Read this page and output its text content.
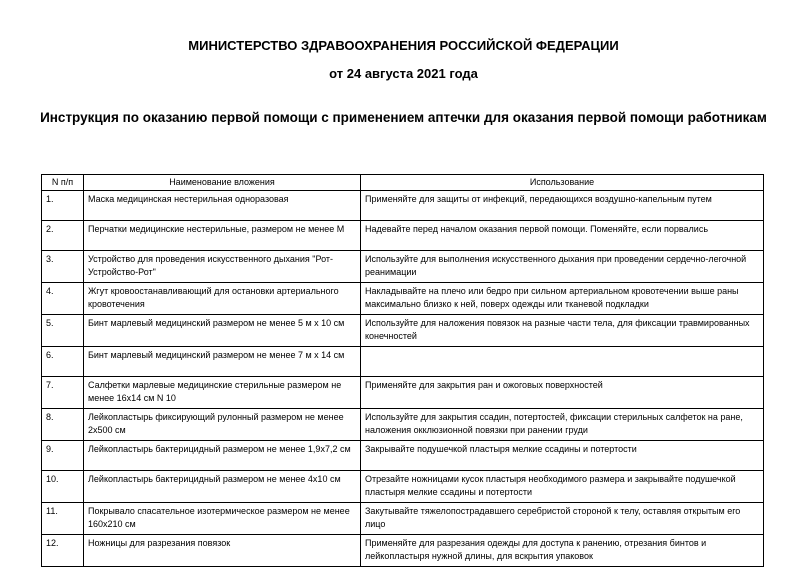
МИНИСТЕРСТВО ЗДРАВООХРАНЕНИЯ РОССИЙСКОЙ ФЕДЕРАЦИИ
от 24 августа 2021 года
Инструкция по оказанию первой помощи с применением аптечки для оказания первой помощи работникам
N п/п	Наименование вложения	Использование
1.	Маска медицинская нестерильная одноразовая	Применяйте для защиты от инфекций, передающихся воздушно-капельным путем
2.	Перчатки медицинские нестерильные, размером не менее М	Надевайте перед началом оказания первой помощи. Поменяйте, если порвались
3.	Устройство для проведения искусственного дыхания "Рот-Устройство-Рот"	Используйте для выполнения искусственного дыхания при проведении сердечно-легочной реанимации
4.	Жгут кровоостанавливающий для остановки артериального кровотечения	Накладывайте на плечо или бедро при сильном артериальном кровотечении выше раны максимально близко к ней, поверх одежды или тканевой подкладки
5.	Бинт марлевый медицинский размером не менее 5 м x 10 см	Используйте для наложения повязок на разные части тела, для фиксации травмированных конечностей
6.	Бинт марлевый медицинский размером не менее 7 м x 14 см	
7.	Салфетки марлевые медицинские стерильные размером не менее 16x14 см N 10	Применяйте для закрытия ран и ожоговых поверхностей
8.	Лейкопластырь фиксирующий рулонный размером не менее 2x500 см	Используйте для закрытия ссадин, потертостей, фиксации стерильных салфеток на ране, наложения окклюзионной повязки при ранении груди
9.	Лейкопластырь бактерицидный размером не менее 1,9x7,2 см	Закрывайте подушечкой пластыря мелкие ссадины и потертости
10.	Лейкопластырь бактерицидный размером не менее 4x10 см	Отрезайте ножницами кусок пластыря необходимого размера и закрывайте подушечкой пластыря мелкие ссадины и потертости
11.	Покрывало спасательное изотермическое размером не менее 160x210 см	Закутывайте тяжелопострадавшего серебристой стороной к телу, оставляя открытым его лицо
12.	Ножницы для разрезания повязок	Применяйте для разрезания одежды для доступа к ранению, отрезания бинтов и лейкопластыря нужной длины, для вскрытия упаковок
